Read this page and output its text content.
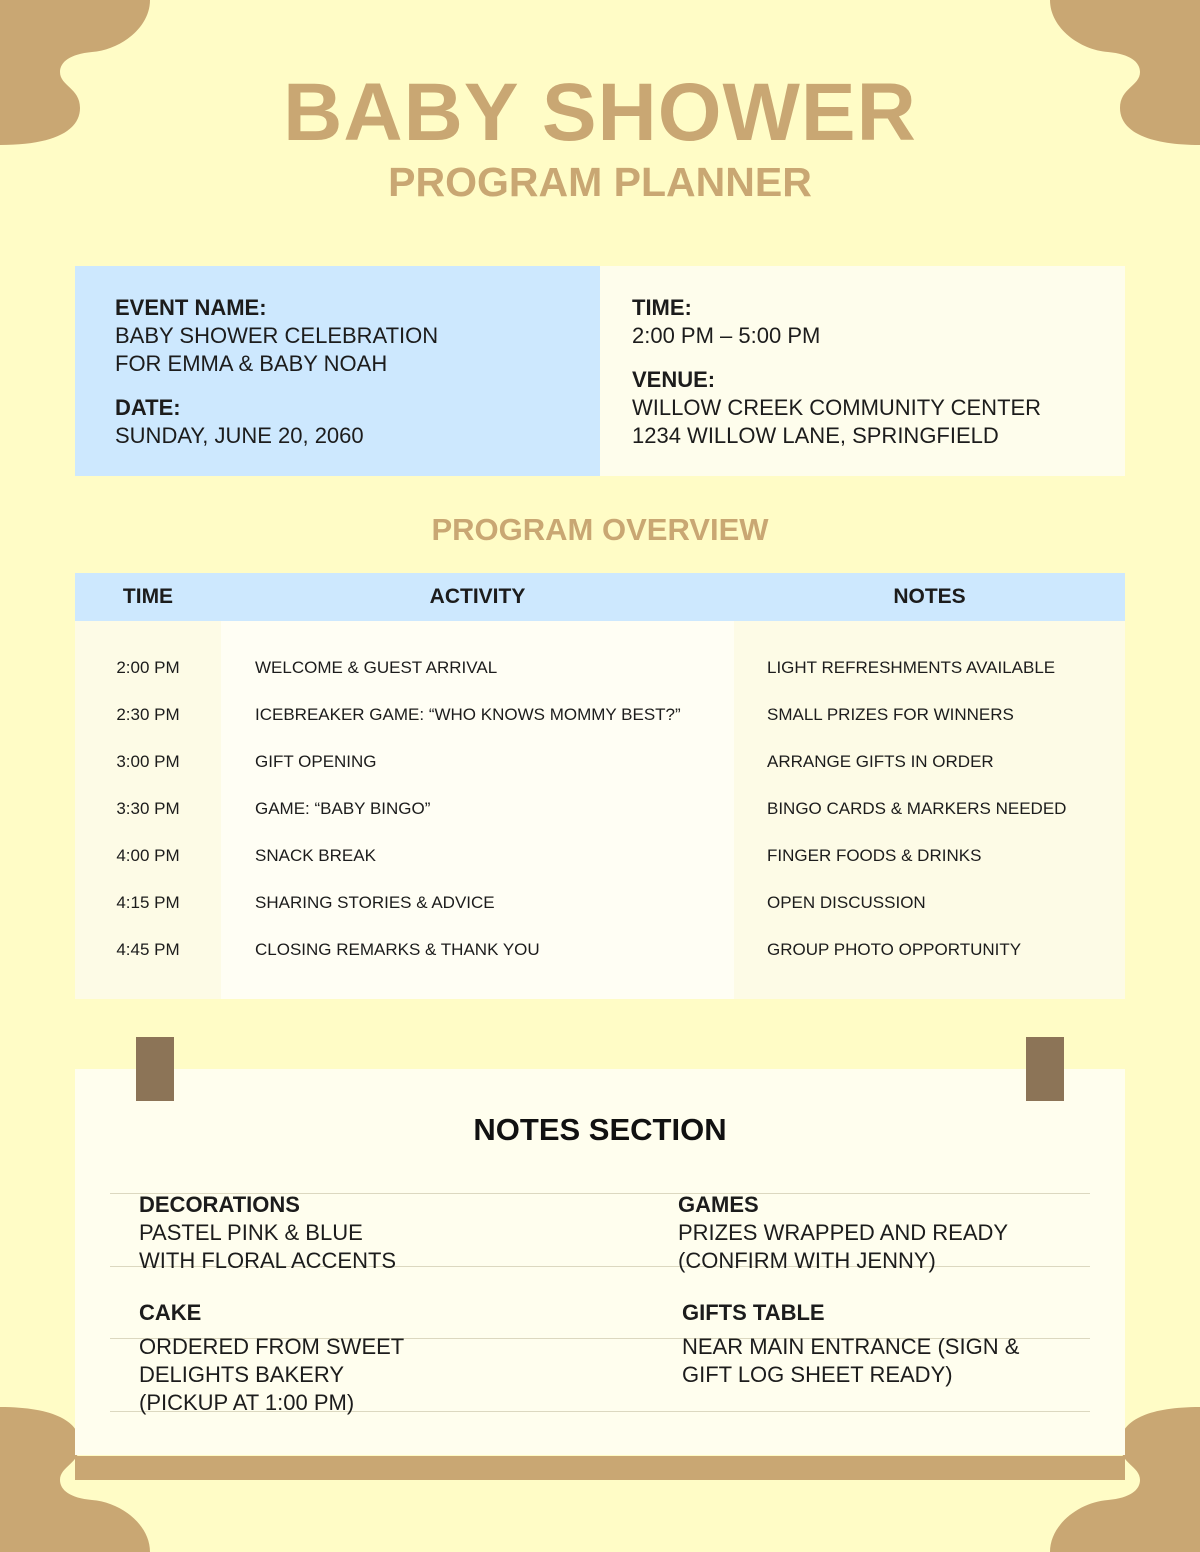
BABY SHOWER
PROGRAM PLANNER
EVENT NAME:
BABY SHOWER CELEBRATION
FOR EMMA & BABY NOAH
DATE:
SUNDAY, JUNE 20, 2060
TIME:
2:00 PM – 5:00 PM
VENUE:
WILLOW CREEK COMMUNITY CENTER
1234 WILLOW LANE, SPRINGFIELD
PROGRAM OVERVIEW
TIME	ACTIVITY	NOTES
2:00 PM
2:30 PM
3:00 PM
3:30 PM
4:00 PM
4:15 PM
4:45 PM
WELCOME & GUEST ARRIVAL
ICEBREAKER GAME: “WHO KNOWS MOMMY BEST?”
GIFT OPENING
GAME: “BABY BINGO”
SNACK BREAK
SHARING STORIES & ADVICE
CLOSING REMARKS & THANK YOU
LIGHT REFRESHMENTS AVAILABLE
SMALL PRIZES FOR WINNERS
ARRANGE GIFTS IN ORDER
BINGO CARDS & MARKERS NEEDED
FINGER FOODS & DRINKS
OPEN DISCUSSION
GROUP PHOTO OPPORTUNITY
NOTES SECTION
DECORATIONS
PASTEL PINK & BLUE
WITH FLORAL ACCENTS
GAMES
PRIZES WRAPPED AND READY
(CONFIRM WITH JENNY)
CAKE
ORDERED FROM SWEET
DELIGHTS BAKERY
(PICKUP AT 1:00 PM)
GIFTS TABLE
NEAR MAIN ENTRANCE (SIGN &
GIFT LOG SHEET READY)
